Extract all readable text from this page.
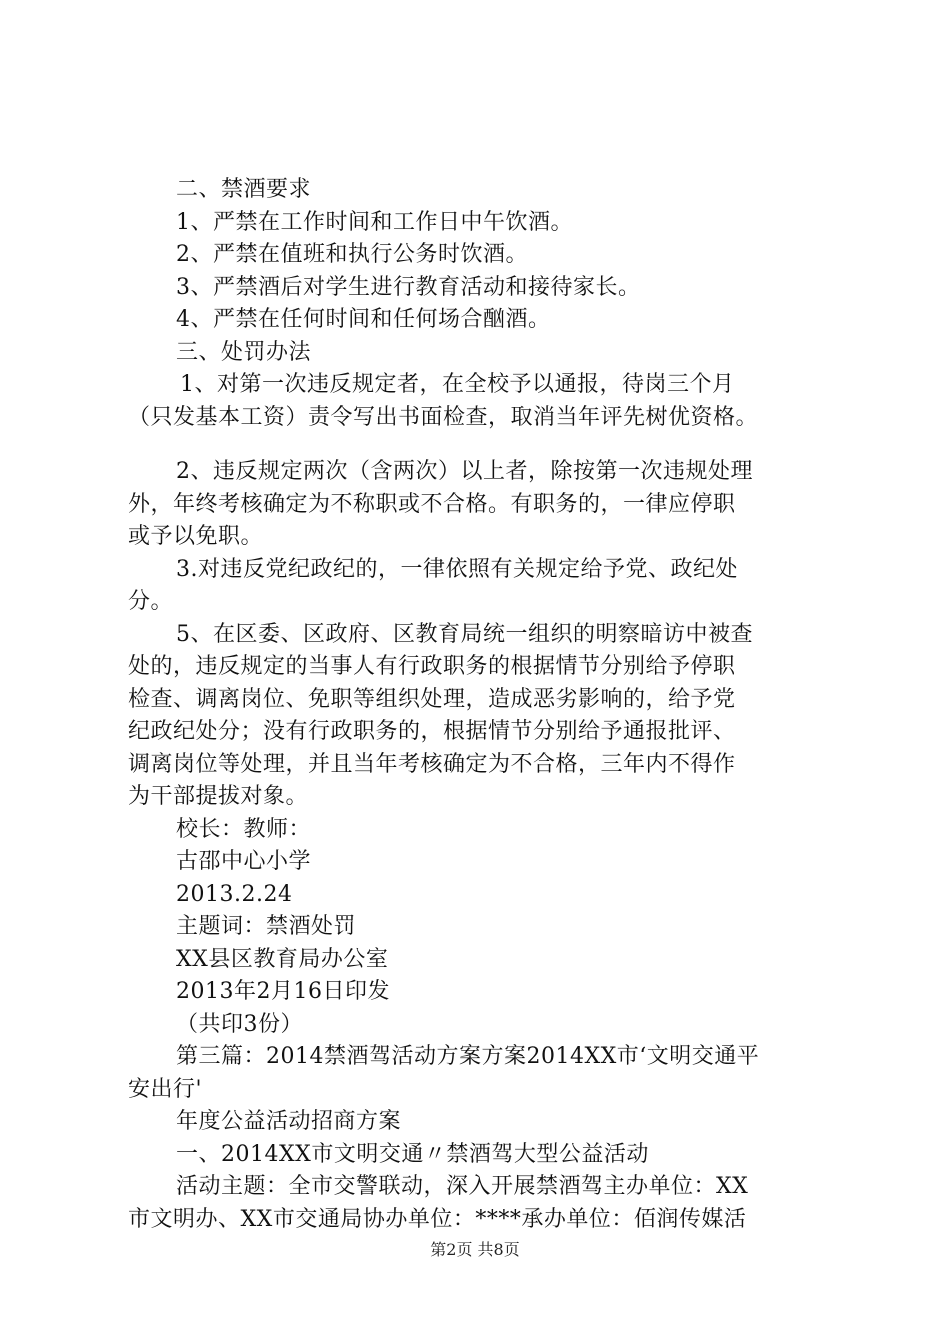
二、禁酒要求
1、严禁在工作时间和工作日中午饮酒。
2、严禁在值班和执行公务时饮酒。
3、严禁酒后对学生进行教育活动和接待家长。
4、严禁在任何时间和任何场合酗酒。
三、处罚办法
1、对第一次违反规定者，在全校予以通报，待岗三个月
（只发基本工资）责令写出书面检查，取消当年评先树优资格。
2、违反规定两次（含两次）以上者，除按第一次违规处理
外，年终考核确定为不称职或不合格。有职务的，一律应停职
或予以免职。
3.对违反党纪政纪的，一律依照有关规定给予党、政纪处
分。
5、在区委、区政府、区教育局统一组织的明察暗访中被查
处的，违反规定的当事人有行政职务的根据情节分别给予停职
检查、调离岗位、免职等组织处理，造成恶劣影响的，给予党
纪政纪处分；没有行政职务的，根据情节分别给予通报批评、
调离岗位等处理，并且当年考核确定为不合格，三年内不得作
为干部提拔对象。
校长：教师：
古邵中心小学
2013.2.24
主题词：禁酒处罚
XX县区教育局办公室
2013年2月16日印发
（共印3份）
第三篇：2014禁酒驾活动方案方案2014XX市‘文明交通平
安出行'
年度公益活动招商方案
一、2014XX市文明交通〃禁酒驾大型公益活动
活动主题：全市交警联动，深入开展禁酒驾主办单位：XX
市文明办、XX市交通局协办单位：****承办单位：佰润传媒活
第2页 共8页
